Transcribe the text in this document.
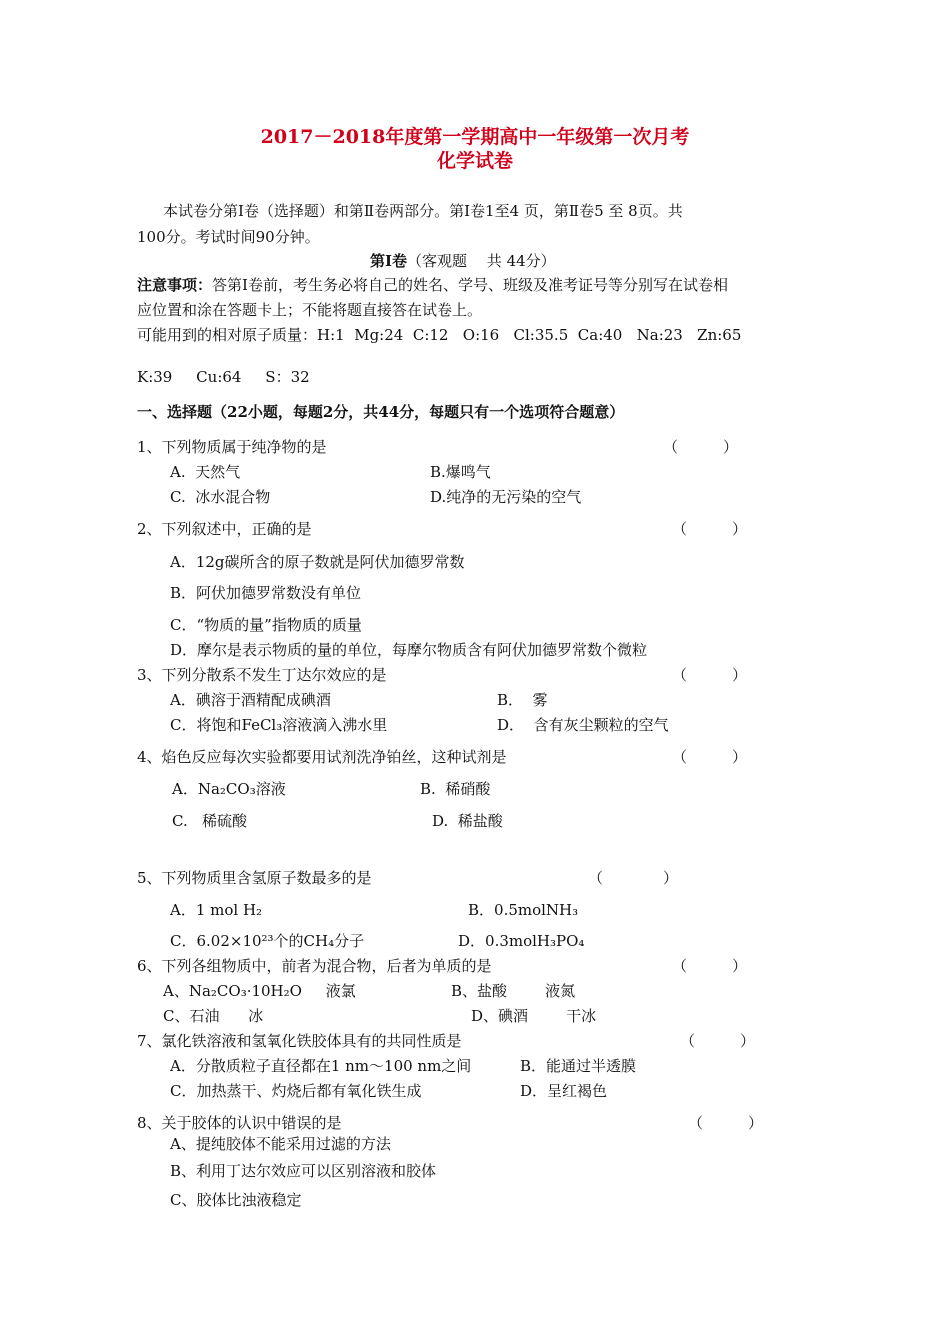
2017－2018年度第一学期高中一年级第一次月考
化学试卷
本试卷分第Ⅰ卷（选择题）和第Ⅱ卷两部分。第Ⅰ卷1至4 页，第Ⅱ卷5 至 8页。共
100分。考试时间90分钟。
第Ⅰ卷（客观题　 共 44分）
注意事项：答第Ⅰ卷前，考生务必将自己的姓名、学号、班级及准考证号等分别写在试卷相
应位置和涂在答题卡上；不能将题直接答在试卷上。
可能用到的相对原子质量：H:1  Mg:24  C:12   O:16   Cl:35.5  Ca:40   Na:23   Zn:65
K:39     Cu:64     S：32
一、选择题（22小题，每题2分，共44分，每题只有一个选项符合题意）
1、下列物质属于纯净物的是	（　　　）
A.  天然气	B.爆鸣气
C.  冰水混合物	D.纯净的无污染的空气
2、下列叙述中，正确的是	（　　　）
A．12g碳所含的原子数就是阿伏加德罗常数
B．阿伏加德罗常数没有单位
C．“物质的量”指物质的质量
D．摩尔是表示物质的量的单位，每摩尔物质含有阿伏加德罗常数个微粒
3、下列分散系不发生丁达尔效应的是	（　　　）
A．碘溶于酒精配成碘酒	B．  雾
C．将饱和FeCl₃溶液滴入沸水里	D．  含有灰尘颗粒的空气
4、焰色反应每次实验都要用试剂洗净铂丝，这种试剂是	（　　　）
A．Na₂CO₃溶液	B.  稀硝酸
C.   稀硫酸	D.  稀盐酸
5、下列物质里含氢原子数最多的是	（　　　　）
A．1 mol H₂	B．0.5molNH₃
C．6.02×10²³个的CH₄分子	D．0.3molH₃PO₄
6、下列各组物质中，前者为混合物，后者为单质的是	（　　　）
A、Na₂CO₃·10H₂O     液氯	B、盐酸        液氮
C、石油      冰	D、碘酒        干冰
7、氯化铁溶液和氢氧化铁胶体具有的共同性质是	（　　　）
A．分散质粒子直径都在1 nm～100 nm之间	B．能通过半透膜
C．加热蒸干、灼烧后都有氧化铁生成	D．呈红褐色
8、关于胶体的认识中错误的是	（　　　）
A、提纯胶体不能采用过滤的方法
B、利用丁达尔效应可以区别溶液和胶体
C、胶体比浊液稳定
